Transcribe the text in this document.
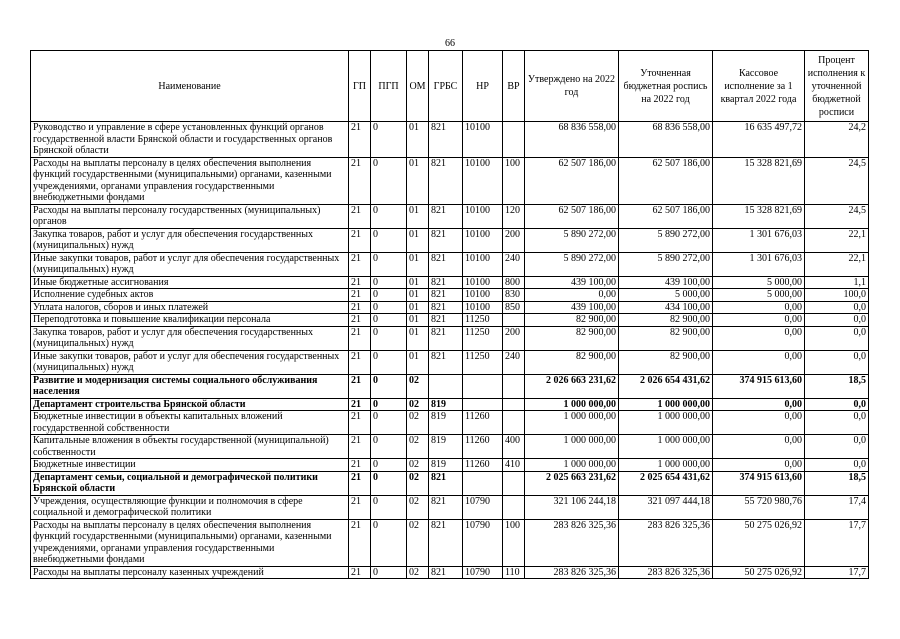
66
Наименование	ГП	ПГП	ОМ	ГРБС	НР	ВР	Утверждено на 2022 год	Уточненная бюджетная роспись на 2022 год	Кассовое исполнение за 1 квартал 2022 года	Процент исполнения к уточненной бюджетной росписи
Руководство и управление в сфере установленных функций органов государственной власти Брянской области и государственных органов Брянской области	21	0	01	821	10100		68 836 558,00	68 836 558,00	16 635 497,72	24,2
Расходы на выплаты персоналу в целях обеспечения выполнения функций государственными (муниципальными) органами, казенными учреждениями, органами управления государственными внебюджетными фондами	21	0	01	821	10100	100	62 507 186,00	62 507 186,00	15 328 821,69	24,5
Расходы на выплаты персоналу государственных (муниципальных) органов	21	0	01	821	10100	120	62 507 186,00	62 507 186,00	15 328 821,69	24,5
Закупка товаров, работ и услуг для обеспечения государственных (муниципальных) нужд	21	0	01	821	10100	200	5 890 272,00	5 890 272,00	1 301 676,03	22,1
Иные закупки товаров, работ и услуг для обеспечения государственных (муниципальных) нужд	21	0	01	821	10100	240	5 890 272,00	5 890 272,00	1 301 676,03	22,1
Иные бюджетные ассигнования	21	0	01	821	10100	800	439 100,00	439 100,00	5 000,00	1,1
Исполнение судебных актов	21	0	01	821	10100	830	0,00	5 000,00	5 000,00	100,0
Уплата налогов, сборов и иных платежей	21	0	01	821	10100	850	439 100,00	434 100,00	0,00	0,0
Переподготовка и повышение квалификации персонала	21	0	01	821	11250		82 900,00	82 900,00	0,00	0,0
Закупка товаров, работ и услуг для обеспечения государственных (муниципальных) нужд	21	0	01	821	11250	200	82 900,00	82 900,00	0,00	0,0
Иные закупки товаров, работ и услуг для обеспечения государственных (муниципальных) нужд	21	0	01	821	11250	240	82 900,00	82 900,00	0,00	0,0
Развитие и модернизация системы социального обслуживания населения	21	0	02				2 026 663 231,62	2 026 654 431,62	374 915 613,60	18,5
Департамент строительства Брянской области	21	0	02	819			1 000 000,00	1 000 000,00	0,00	0,0
Бюджетные инвестиции в объекты капитальных вложений государственной собственности	21	0	02	819	11260		1 000 000,00	1 000 000,00	0,00	0,0
Капитальные вложения в объекты государственной (муниципальной) собственности	21	0	02	819	11260	400	1 000 000,00	1 000 000,00	0,00	0,0
Бюджетные инвестиции	21	0	02	819	11260	410	1 000 000,00	1 000 000,00	0,00	0,0
Департамент семьи, социальной и демографической политики Брянской области	21	0	02	821			2 025 663 231,62	2 025 654 431,62	374 915 613,60	18,5
Учреждения, осуществляющие функции и полномочия в сфере социальной и демографической политики	21	0	02	821	10790		321 106 244,18	321 097 444,18	55 720 980,76	17,4
Расходы на выплаты персоналу в целях обеспечения выполнения функций государственными (муниципальными) органами, казенными учреждениями, органами управления государственными внебюджетными фондами	21	0	02	821	10790	100	283 826 325,36	283 826 325,36	50 275 026,92	17,7
Расходы на выплаты персоналу казенных учреждений	21	0	02	821	10790	110	283 826 325,36	283 826 325,36	50 275 026,92	17,7
